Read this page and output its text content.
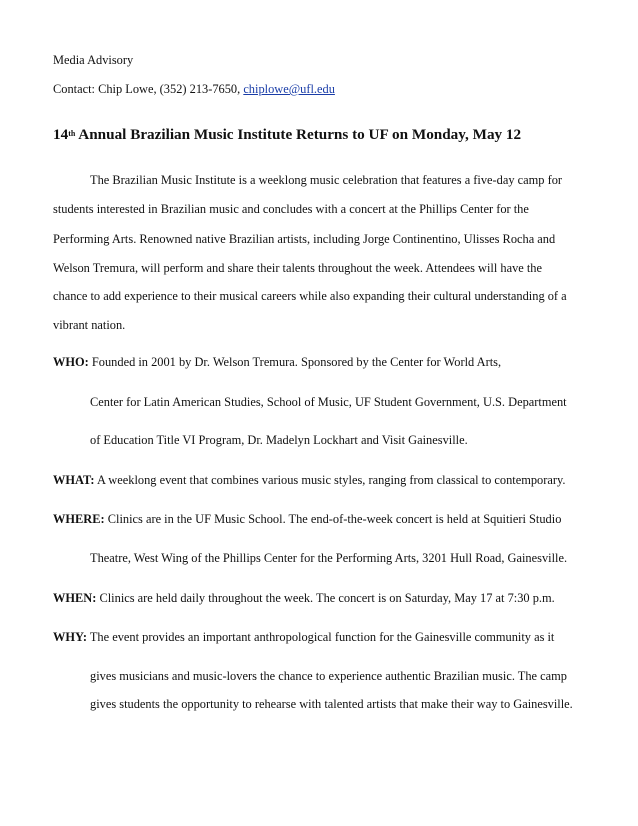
Media Advisory
Contact: Chip Lowe, (352) 213-7650, chiplowe@ufl.edu
14th Annual Brazilian Music Institute Returns to UF on Monday, May 12
The Brazilian Music Institute is a weeklong music celebration that features a five-day camp for
students interested in Brazilian music and concludes with a concert at the Phillips Center for the
Performing Arts. Renowned native Brazilian artists, including Jorge Continentino, Ulisses Rocha and
Welson Tremura, will perform and share their talents throughout the week. Attendees will have the
chance to add experience to their musical careers while also expanding their cultural understanding of a
vibrant nation.
WHO: Founded in 2001 by Dr. Welson Tremura. Sponsored by the Center for World Arts,
Center for Latin American Studies, School of Music, UF Student Government, U.S. Department
of Education Title VI Program, Dr. Madelyn Lockhart and Visit Gainesville.
WHAT: A weeklong event that combines various music styles, ranging from classical to contemporary.
WHERE: Clinics are in the UF Music School. The end-of-the-week concert is held at Squitieri Studio
Theatre, West Wing of the Phillips Center for the Performing Arts, 3201 Hull Road, Gainesville.
WHEN: Clinics are held daily throughout the week. The concert is on Saturday, May 17 at 7:30 p.m.
WHY: The event provides an important anthropological function for the Gainesville community as it
gives musicians and music-lovers the chance to experience authentic Brazilian music. The camp
gives students the opportunity to rehearse with talented artists that make their way to Gainesville.
